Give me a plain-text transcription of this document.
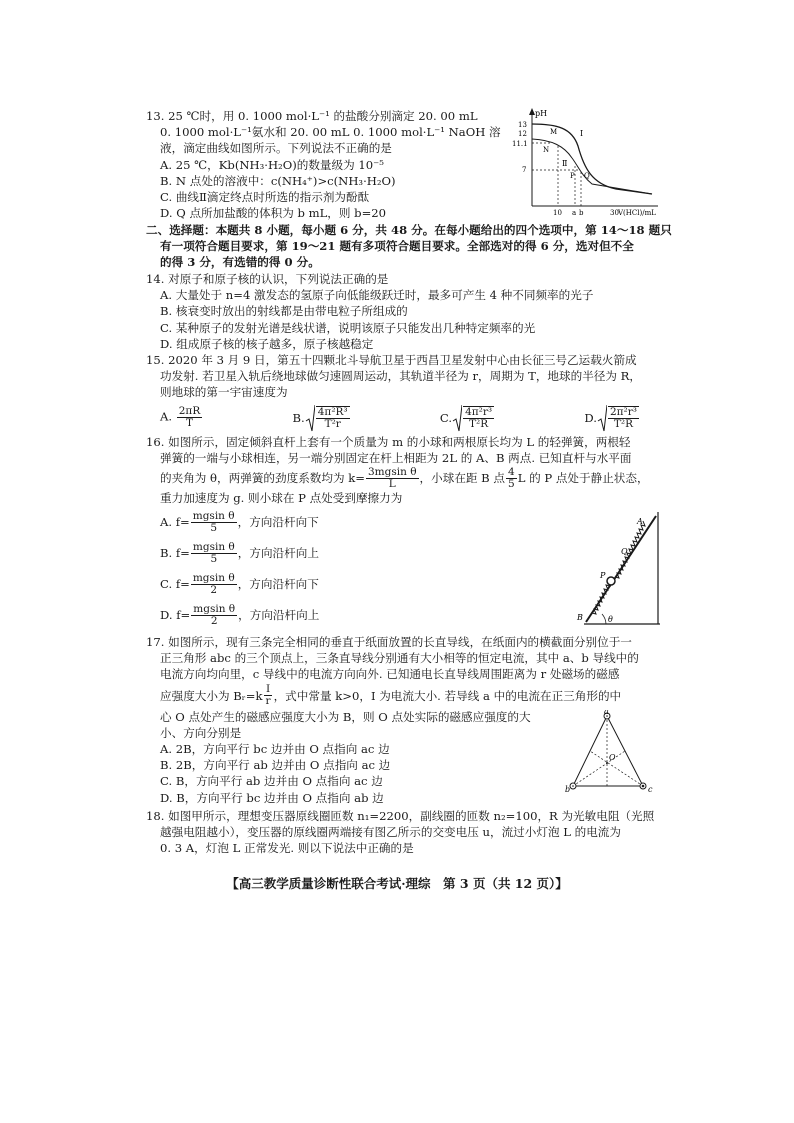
13. 25 ℃时，用 0. 1000 mol·L⁻¹ 的盐酸分别滴定 20. 00 mL
0. 1000 mol·L⁻¹氨水和 20. 00 mL 0. 1000 mol·L⁻¹ NaOH 溶
液，滴定曲线如图所示。下列说法不正确的是
A. 25 ℃，Kb(NH₃·H₂O)的数量级为 10⁻⁵
B. N 点处的溶液中：c(NH₄⁺)>c(NH₃·H₂O)
C. 曲线Ⅱ滴定终点时所选的指示剂为酚酞
D. Q 点所加盐酸的体积为 b mL，则 b=20
pH
13
12
11.1
7
Ⅰ
Ⅱ
M
N
P Q
10 a b	30 V(HCl)/mL
二、选择题：本题共 8 小题，每小题 6 分，共 48 分。在每小题给出的四个选项中，第 14～18 题只
有一项符合题目要求，第 19～21 题有多项符合题目要求。全部选对的得 6 分，选对但不全
的得 3 分，有选错的得 0 分。
14. 对原子和原子核的认识，下列说法正确的是
A. 大量处于 n=4 激发态的氢原子向低能级跃迁时，最多可产生 4 种不同频率的光子
B. 核衰变时放出的射线都是由带电粒子所组成的
C. 某种原子的发射光谱是线状谱，说明该原子只能发出几种特定频率的光
D. 组成原子核的核子越多，原子核越稳定
15. 2020 年 3 月 9 日，第五十四颗北斗导航卫星于西昌卫星发射中心由长征三号乙运载火箭成
功发射. 若卫星入轨后绕地球做匀速圆周运动，其轨道半径为 r，周期为 T，地球的半径为 R，
则地球的第一宇宙速度为
A. $\frac{2\pi R}{T}$	B. $\frac{\text{4π²R³}}{\text{T²r}}$	C. $\frac{\text{4π²r³}}{\text{T²R}}$	D. $\frac{\text{2π²r³}}{\text{T²R}}$
16. 如图所示，固定倾斜直杆上套有一个质量为 m 的小球和两根原长均为 L 的轻弹簧，两根轻
弹簧的一端与小球相连，另一端分别固定在杆上相距为 2L 的 A、B 两点. 已知直杆与水平面
的夹角为 θ，两弹簧的劲度系数均为 $k= \frac{\text{3mgsin θ}}{L}$ ，小球在距 B 点 $\frac{4}{5}$ L 的 P 点处于静止状态，
重力加速度为 g. 则小球在 P 点处受到摩擦力为
A. $f= \frac{\text{mgsin θ}}{5}$ ，方向沿杆向下
B. $f= \frac{\text{mgsin θ}}{5}$ ，方向沿杆向上
C. $f= \frac{\text{mgsin θ}}{2}$ ，方向沿杆向下
D. $f= \frac{\text{mgsin θ}}{2}$ ，方向沿杆向上
A
Q
P
B	θ
17. 如图所示，现有三条完全相同的垂直于纸面放置的长直导线，在纸面内的横截面分别位于一
正三角形 abc 的三个顶点上，三条直导线分别通有大小相等的恒定电流，其中 a、b 导线中的
电流方向均向里，c 导线中的电流方向向外. 已知通电长直导线周围距离为 r 处磁场的磁感
应强度大小为 Bᵣ=k $\frac{I}{r}$ ，式中常量 k>0，I 为电流大小. 若导线 a 中的电流在正三角形的中
心 O 点处产生的磁感应强度大小为 B，则 O 点处实际的磁感应强度的大
小、方向分别是
A. 2B，方向平行 bc 边并由 O 点指向 ac 边
B. 2B，方向平行 ab 边并由 O 点指向 ac 边
C. B，方向平行 ab 边并由 O 点指向 ac 边
D. B，方向平行 bc 边并由 O 点指向 ab 边
a
b	c
O
18. 如图甲所示，理想变压器原线圈匝数 n₁=2200，副线圈的匝数 n₂=100，R 为光敏电阻（光照
越强电阻越小），变压器的原线圈两端接有图乙所示的交变电压 u，流过小灯泡 L 的电流为
0. 3 A，灯泡 L 正常发光. 则以下说法中正确的是
【高三教学质量诊断性联合考试·理综　第 3 页（共 12 页）】
